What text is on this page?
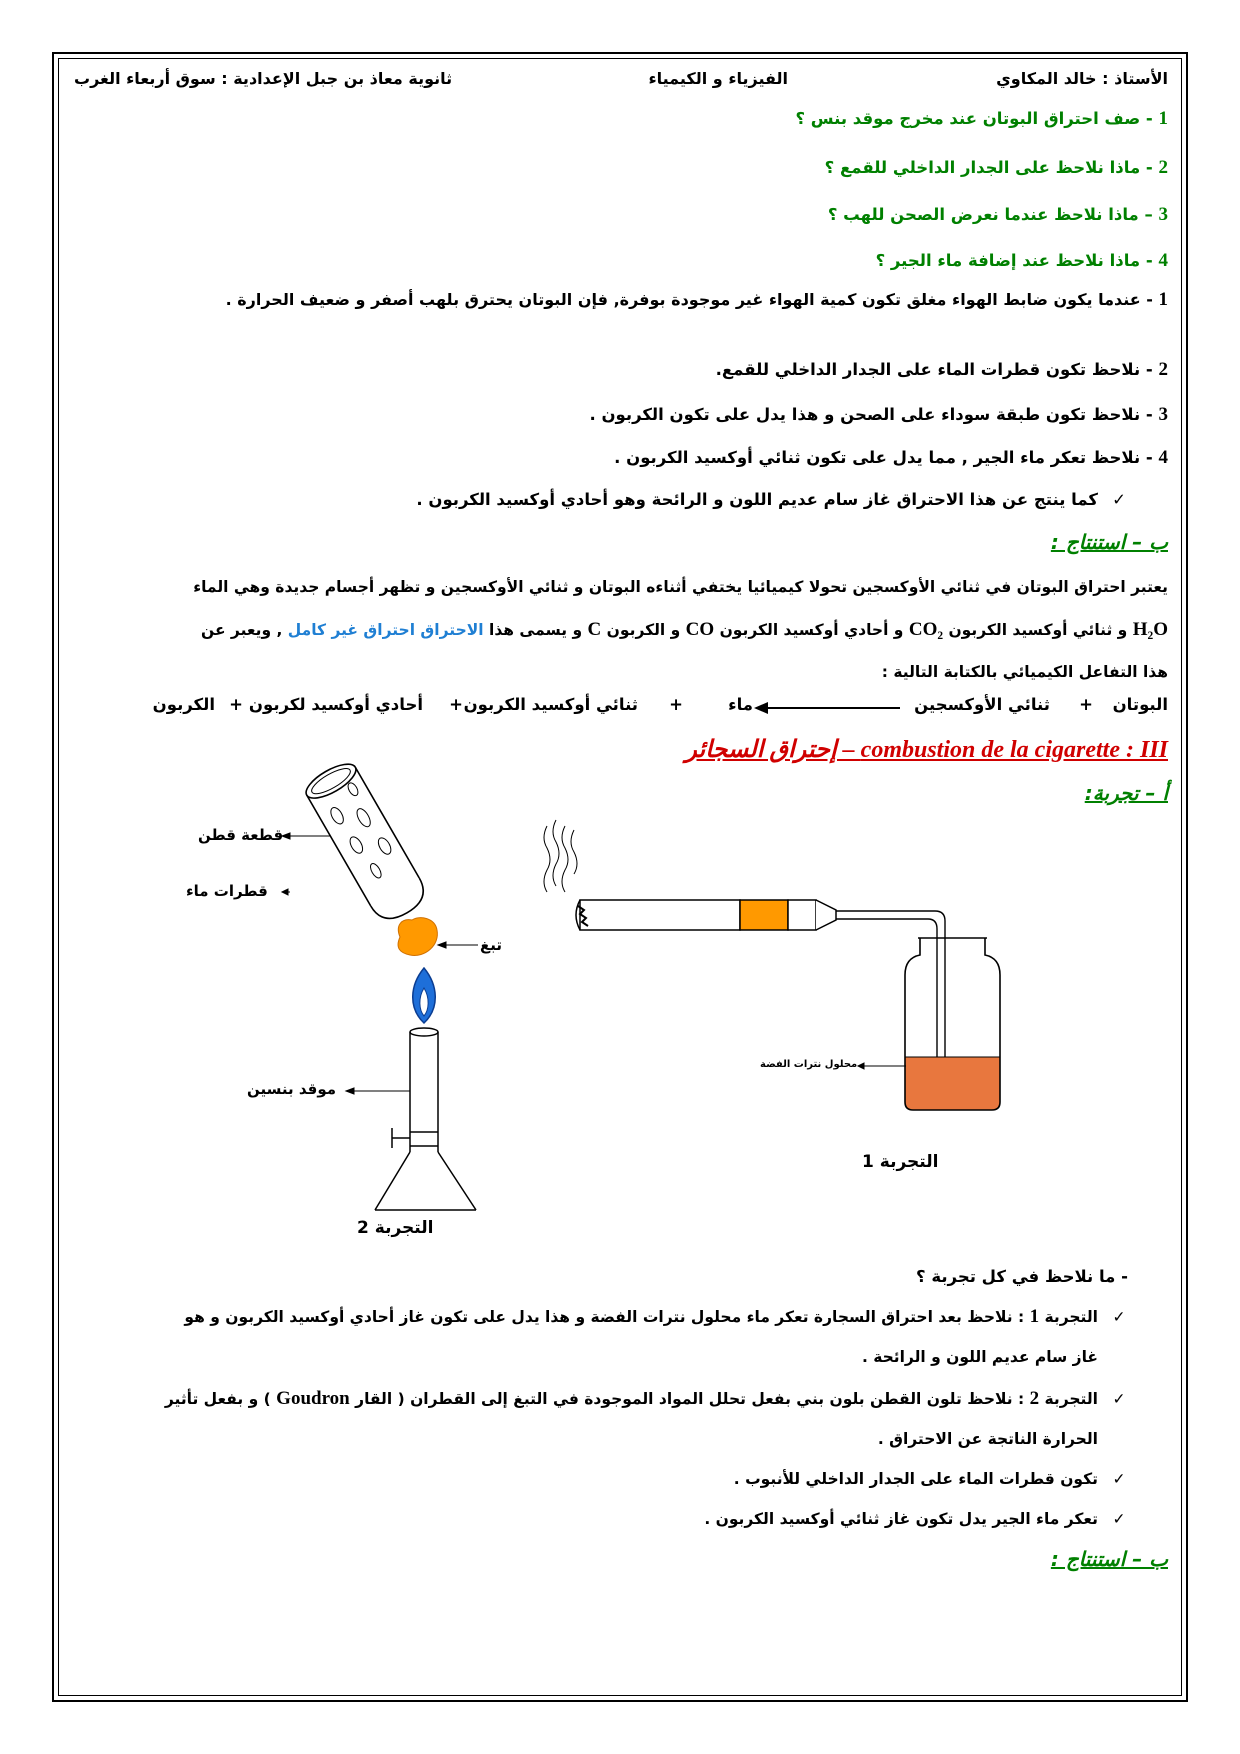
الأستاذ : خالد المكاوي
الفيزياء و الكيمياء
ثانوية معاذ بن جبل الإعدادية : سوق أربعاء الغرب
1 - صف احتراق البوتان عند مخرج موقد بنس ؟
2 - ماذا نلاحظ على الجدار الداخلي للقمع ؟
3 – ماذا نلاحظ عندما نعرض الصحن للهب ؟
4 - ماذا نلاحظ عند إضافة ماء الجير ؟
1 - عندما يكون ضابط الهواء مغلق تكون كمية الهواء غير موجودة بوفرة, فإن البوتان يحترق بلهب أصفر و ضعيف الحرارة .
2 - نلاحظ تكون قطرات الماء على الجدار الداخلي للقمع.
3 - نلاحظ تكون طبقة سوداء على الصحن و هذا يدل على تكون الكربون .
4 - نلاحظ تعكر ماء الجير , مما يدل على تكون ثنائي أوكسيد الكربون .
✓كما ينتج عن هذا الاحتراق غاز سام عديم اللون و الرائحة وهو أحادي أوكسيد الكربون .
ب – استنتاج :
يعتبر احتراق البوتان في ثنائي الأوكسجين تحولا كيميائيا يختفي أثناءه البوتان و ثنائي الأوكسجين و تظهر أجسام جديدة وهي الماء
H₂O و ثنائي أوكسيد الكربون CO₂ و أحادي أوكسيد الكربون CO و الكربون C و يسمى هذا الاحتراق احتراق غير كامل , ويعبر عن
هذا التفاعل الكيميائي بالكتابة التالية :
البوتان
+
ثنائي الأوكسجين
ماء
+
ثنائي أوكسيد الكربون
+
أحادي أوكسيد لكربون
+
الكربون
combustion de la cigarette : III – إحتراق السجائر
أ – تجربة:
قطعة قطن
قطرات ماء
تبغ
موقد بنسين
محلول نترات الفضة
التجربة 1
التجربة 2
- ما نلاحظ في كل تجربة ؟
✓التجربة 1 : نلاحظ بعد احتراق السجارة تعكر ماء محلول نترات الفضة و هذا يدل على تكون غاز أحادي أوكسيد الكربون و هو
غاز سام عديم اللون و الرائحة .
✓التجربة 2 : نلاحظ تلون القطن بلون بني بفعل تحلل المواد الموجودة في التبغ إلى القطران ( القار Goudron ) و بفعل تأثير
الحرارة الناتجة عن الاحتراق .
✓تكون قطرات الماء على الجدار الداخلي للأنبوب .
✓تعكر ماء الجير يدل تكون غاز ثنائي أوكسيد الكربون .
ب – استنتاج :
